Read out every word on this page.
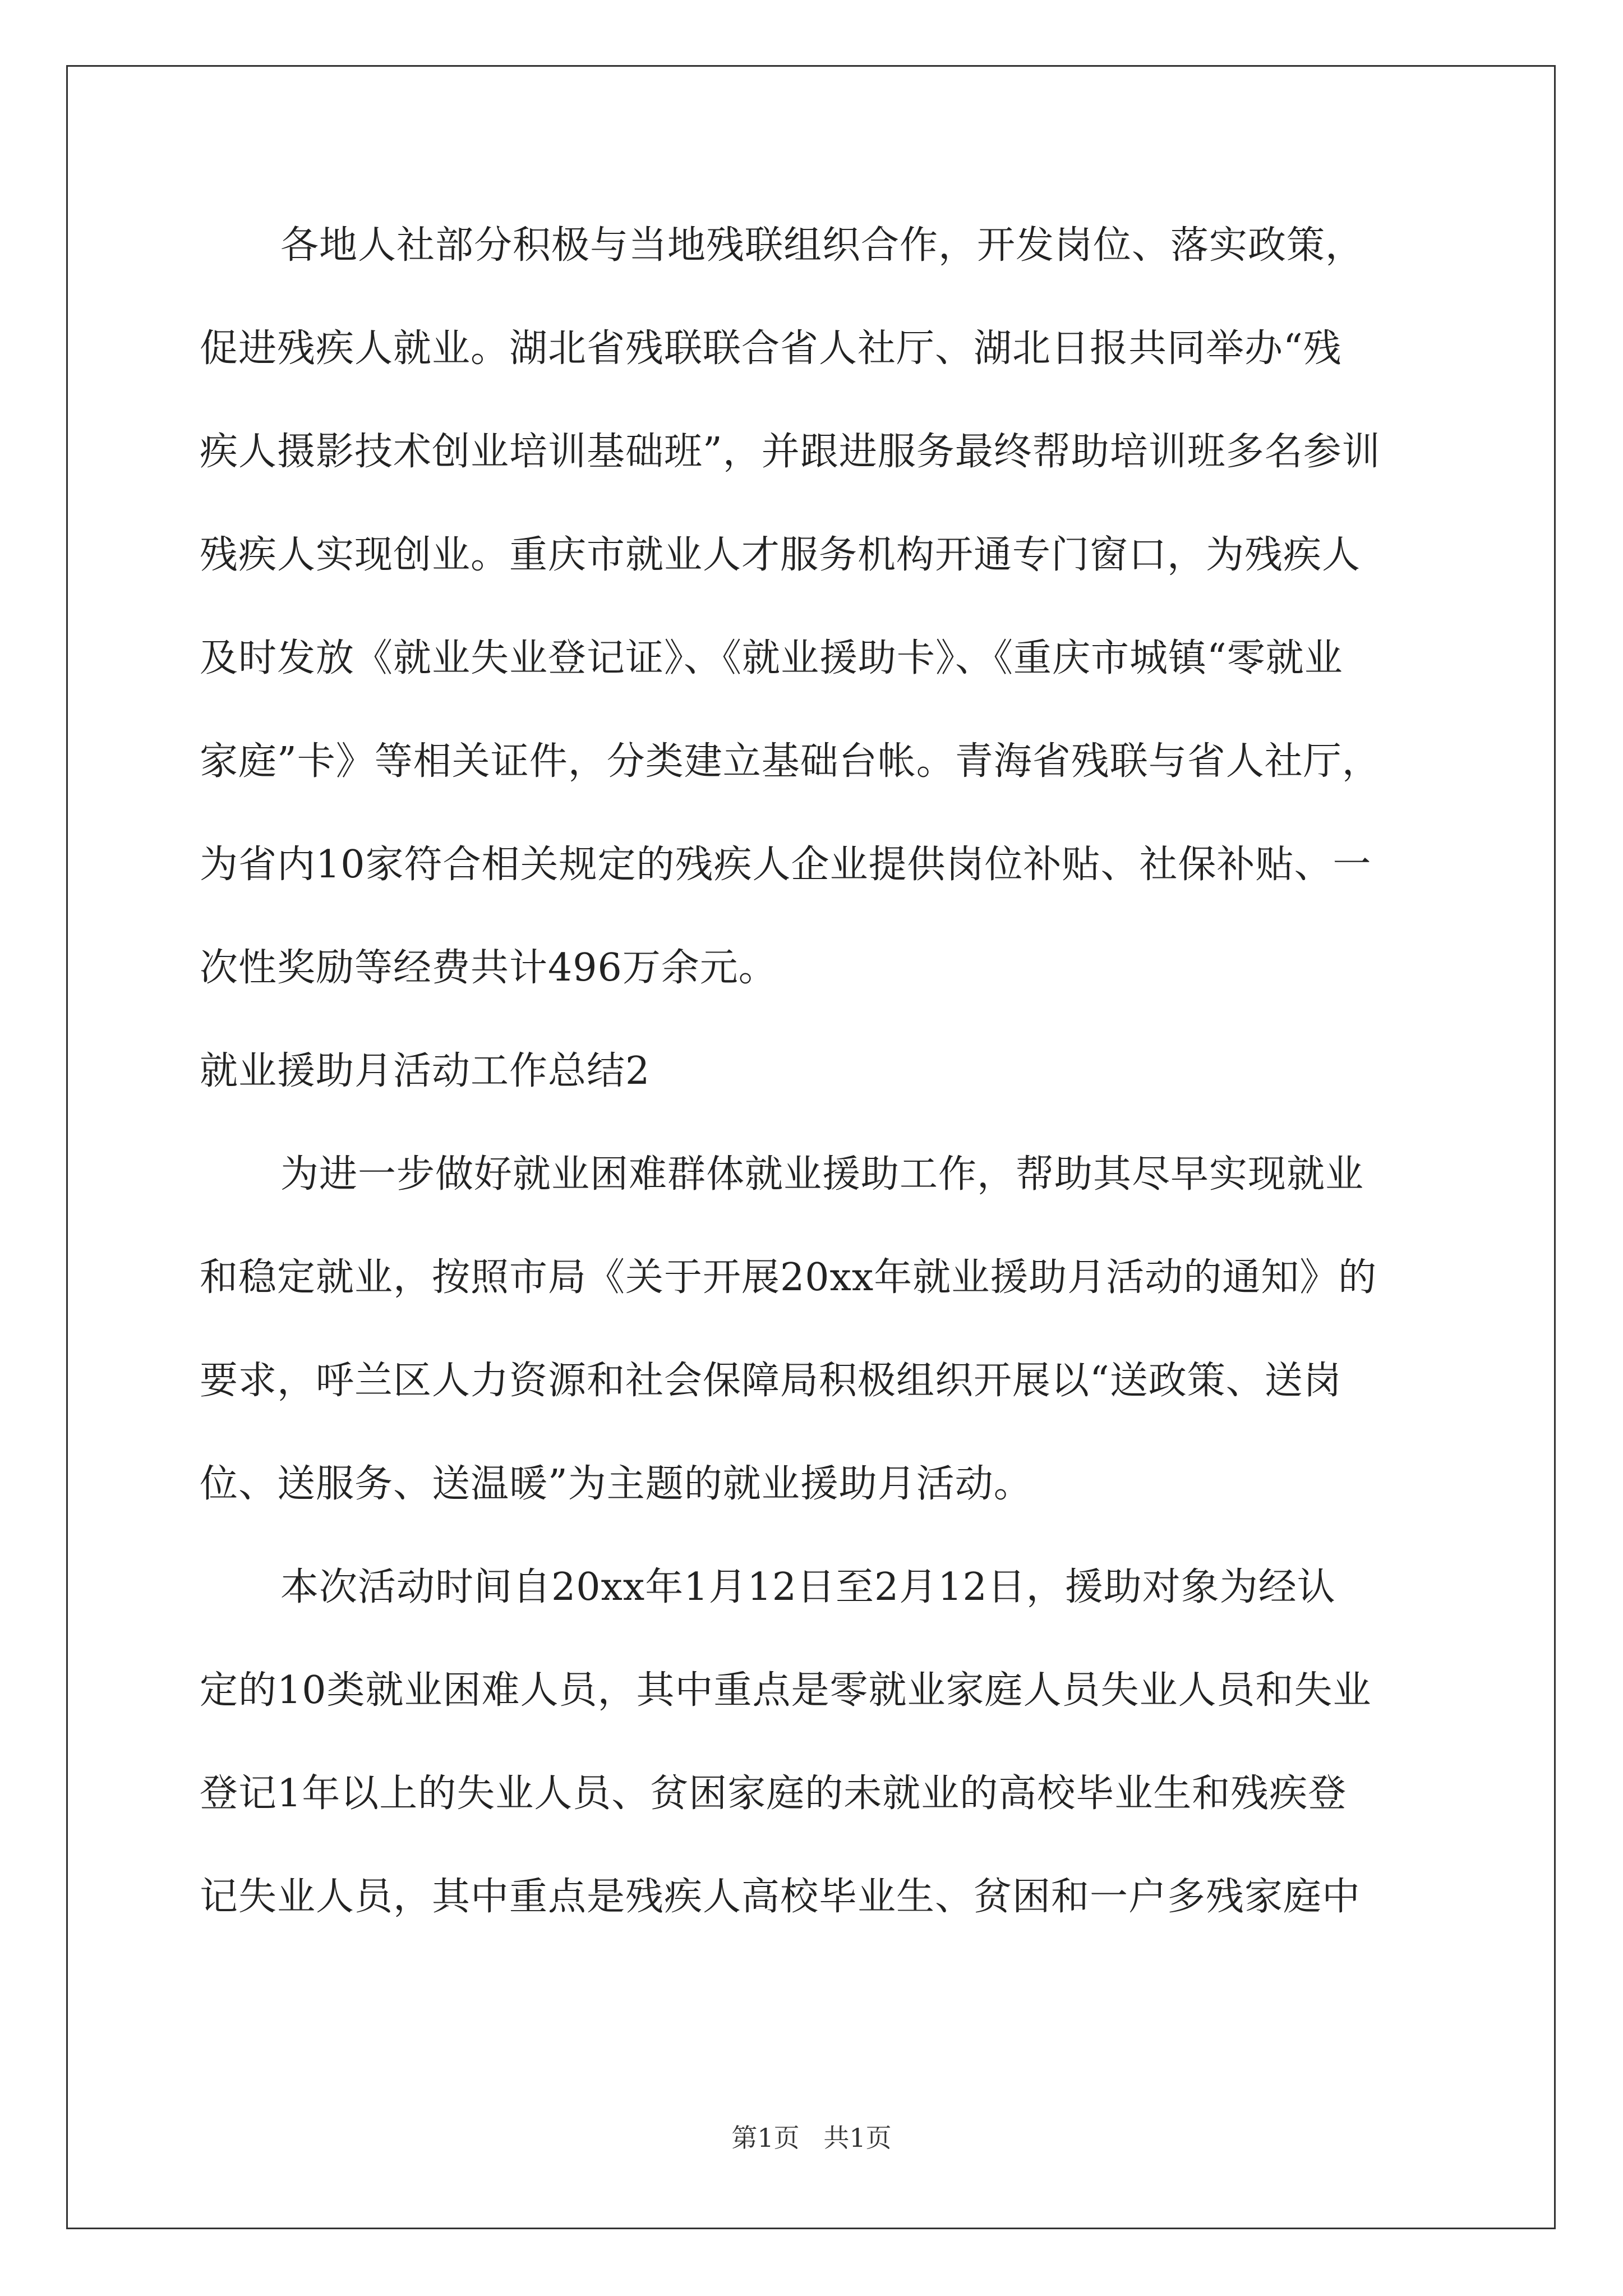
各地人社部分积极与当地残联组织合作，开发岗位、落实政策，
促进残疾人就业。湖北省残联联合省人社厅、湖北日报共同举办“残
疾人摄影技术创业培训基础班”，并跟进服务最终帮助培训班多名参训
残疾人实现创业。重庆市就业人才服务机构开通专门窗口，为残疾人
及时发放《就业失业登记证》、《就业援助卡》、《重庆市城镇“零就业
家庭”卡》等相关证件，分类建立基础台帐。青海省残联与省人社厅，
为省内10家符合相关规定的残疾人企业提供岗位补贴、社保补贴、一
次性奖励等经费共计496万余元。
就业援助月活动工作总结2
为进一步做好就业困难群体就业援助工作，帮助其尽早实现就业
和稳定就业，按照市局《关于开展20xx年就业援助月活动的通知》的
要求，呼兰区人力资源和社会保障局积极组织开展以“送政策、送岗
位、送服务、送温暖”为主题的就业援助月活动。
本次活动时间自20xx年1月12日至2月12日，援助对象为经认
定的10类就业困难人员，其中重点是零就业家庭人员失业人员和失业
登记1年以上的失业人员、贫困家庭的未就业的高校毕业生和残疾登
记失业人员，其中重点是残疾人高校毕业生、贫困和一户多残家庭中
第1页 共1页
